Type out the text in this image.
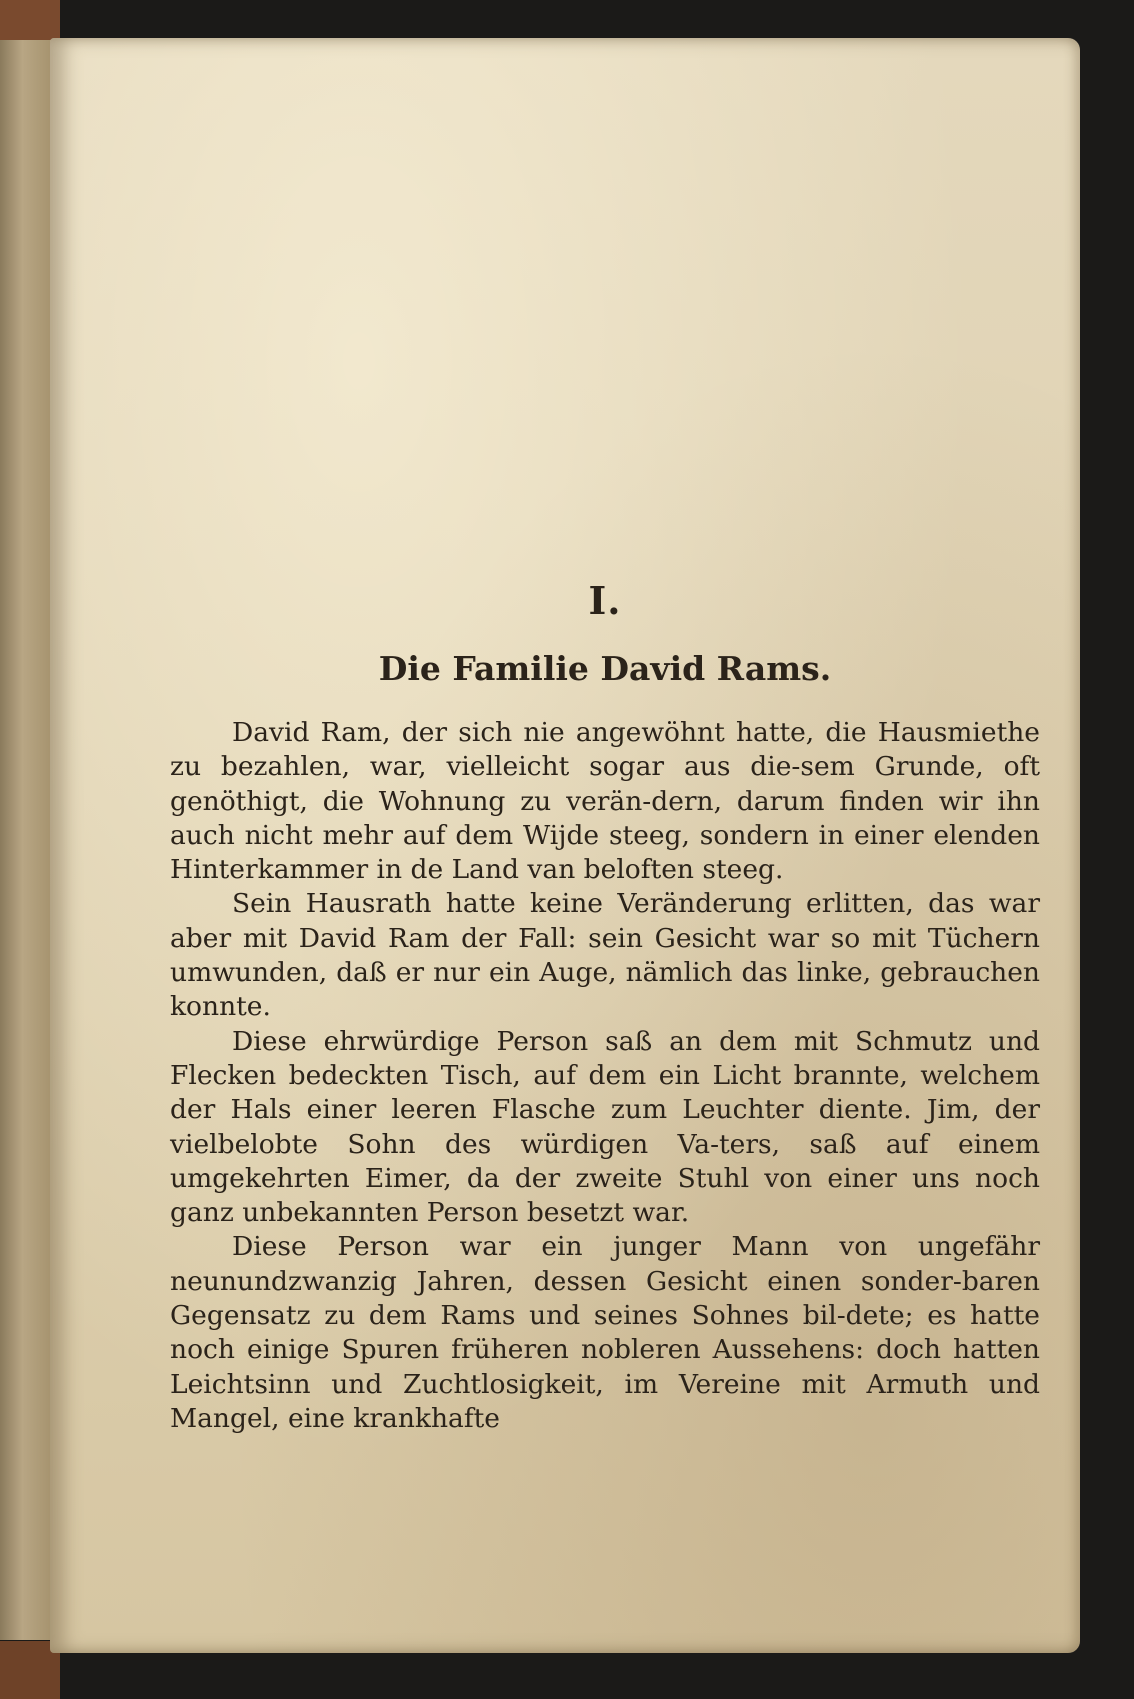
I.
Die Familie David Rams.

David Ram, der sich nie angewöhnt hatte, die Hausmiethe zu bezahlen, war, vielleicht sogar aus die-sem Grunde, oft genöthigt, die Wohnung zu verän-dern, darum finden wir ihn auch nicht mehr auf dem Wijde steeg, sondern in einer elenden Hinterkammer in de Land van beloften steeg.

Sein Hausrath hatte keine Veränderung erlitten, das war aber mit David Ram der Fall: sein Gesicht war so mit Tüchern umwunden, daß er nur ein Auge, nämlich das linke, gebrauchen konnte.

Diese ehrwürdige Person saß an dem mit Schmutz und Flecken bedeckten Tisch, auf dem ein Licht brannte, welchem der Hals einer leeren Flasche zum Leuchter diente. Jim, der vielbelobte Sohn des würdigen Va-ters, saß auf einem umgekehrten Eimer, da der zweite Stuhl von einer uns noch ganz unbekannten Person besetzt war.

Diese Person war ein junger Mann von ungefähr neunundzwanzig Jahren, dessen Gesicht einen sonder-baren Gegensatz zu dem Rams und seines Sohnes bil-dete; es hatte noch einige Spuren früheren nobleren Aussehens: doch hatten Leichtsinn und Zuchtlosigkeit, im Vereine mit Armuth und Mangel, eine krankhafte
